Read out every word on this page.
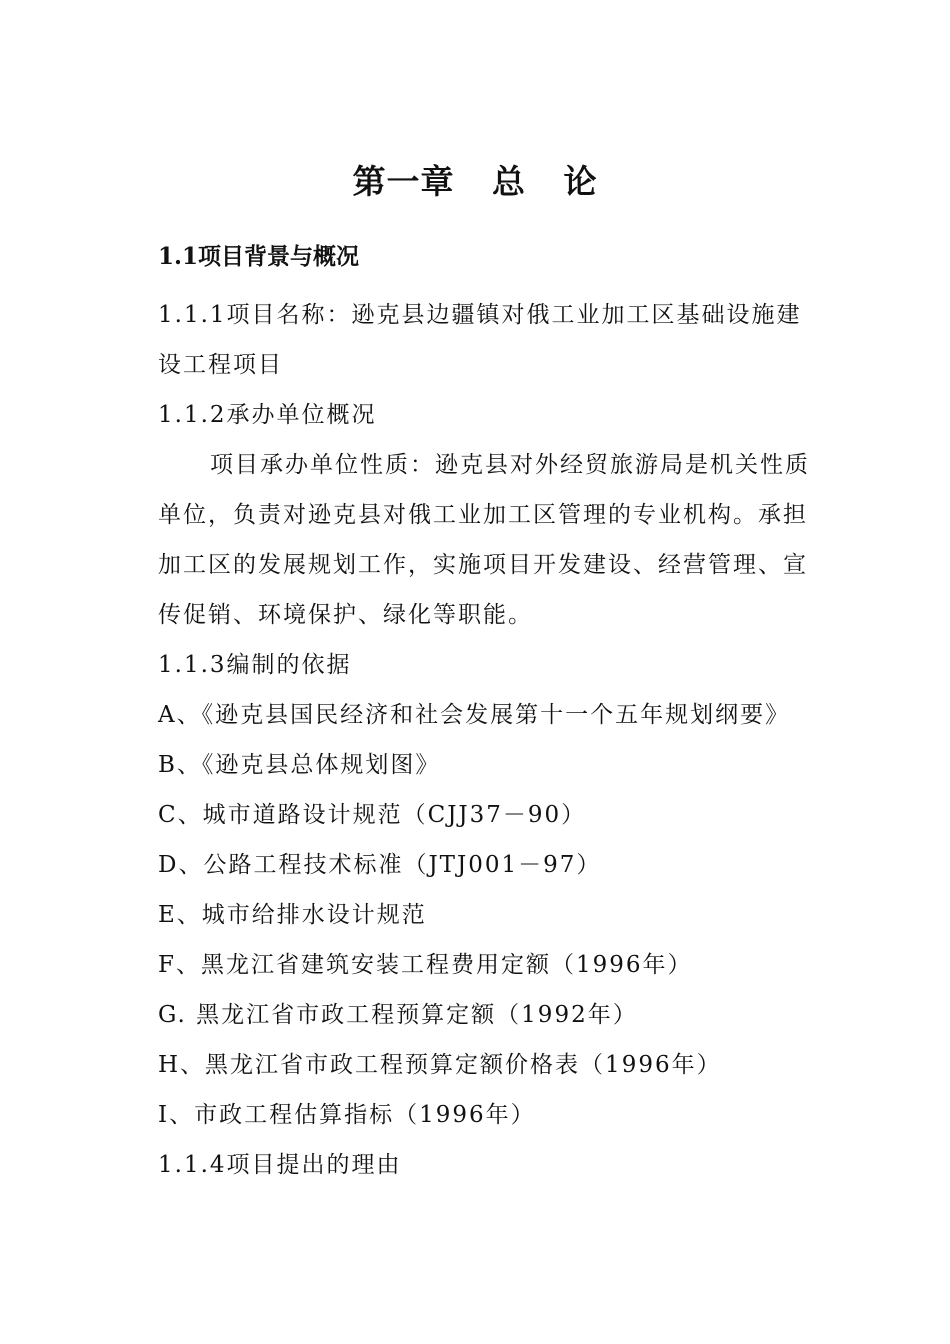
第一章   总   论
1.1项目背景与概况
1.1.1项目名称：逊克县边疆镇对俄工业加工区基础设施建
设工程项目
1.1.2承办单位概况
项目承办单位性质：逊克县对外经贸旅游局是机关性质
单位，负责对逊克县对俄工业加工区管理的专业机构。承担
加工区的发展规划工作，实施项目开发建设、经营管理、宣
传促销、环境保护、绿化等职能。
1.1.3编制的依据
A、《逊克县国民经济和社会发展第十一个五年规划纲要》
B、《逊克县总体规划图》
C、城市道路设计规范（CJJ37－90）
D、公路工程技术标准（JTJ001－97）
E、城市给排水设计规范
F、黑龙江省建筑安装工程费用定额（1996年）
G. 黑龙江省市政工程预算定额（1992年）
H、黑龙江省市政工程预算定额价格表（1996年）
I、市政工程估算指标（1996年）
1.1.4项目提出的理由
